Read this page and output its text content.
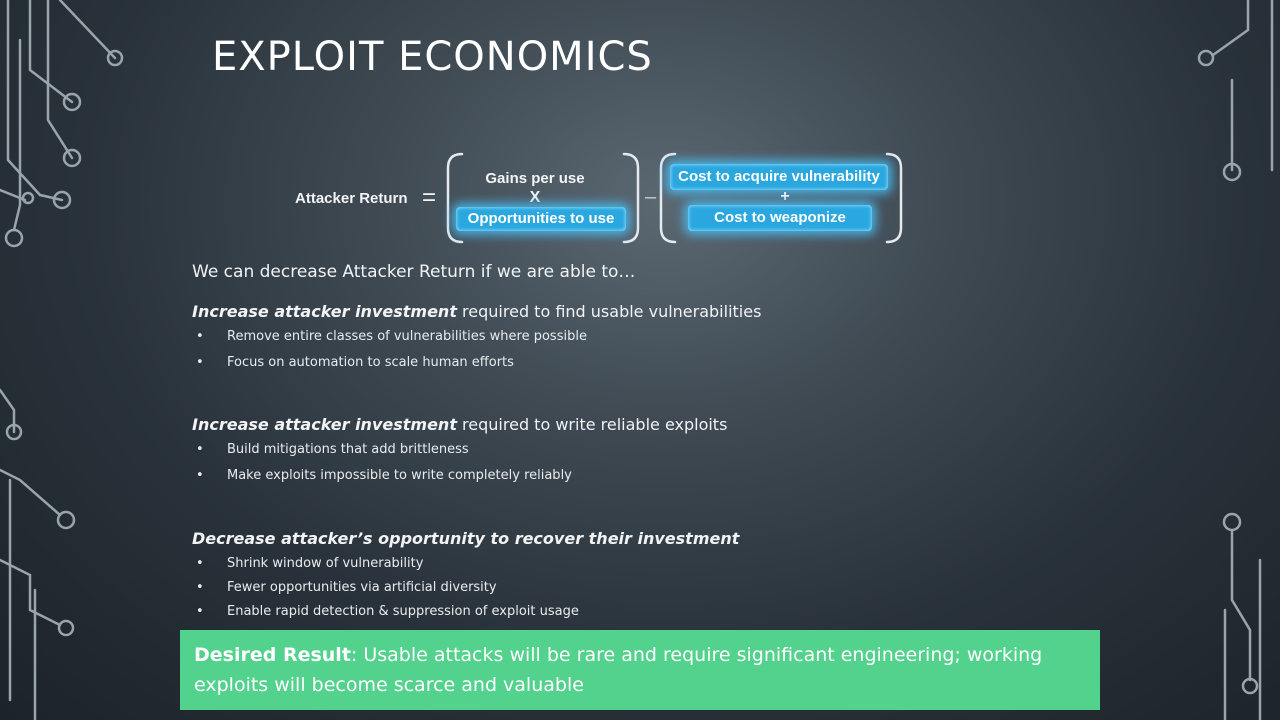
EXPLOIT ECONOMICS
Attacker Return =
Gains per use
X
Opportunities to use
–
Cost to acquire vulnerability
+
Cost to weaponize

We can decrease Attacker Return if we are able to…

Increase attacker investment required to find usable vulnerabilities

• Remove entire classes of vulnerabilities where possible
• Focus on automation to scale human efforts

Increase attacker investment required to write reliable exploits

• Build mitigations that add brittleness
• Make exploits impossible to write completely reliably

Decrease attacker’s opportunity to recover their investment

• Shrink window of vulnerability
• Fewer opportunities via artificial diversity
• Enable rapid detection & suppression of exploit usage
Desired Result: Usable attacks will be rare and require significant engineering; working exploits will become scarce and valuable
